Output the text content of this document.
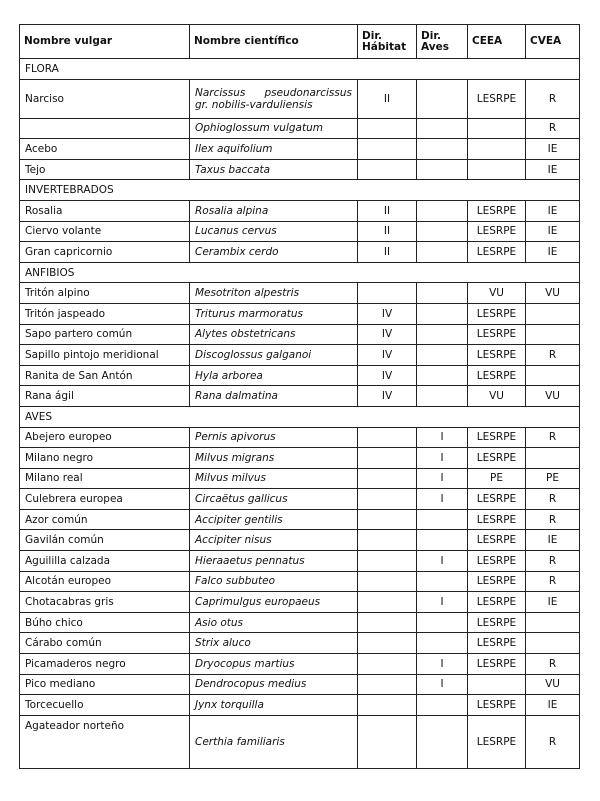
Nombre vulgar	Nombre científico	Dir. Hábitat	Dir. Aves	CEEA	CVEA
FLORA					
Narciso	Narcissus pseudonarcissus gr. nobilis-varduliensis	II		LESRPE	R
	Ophioglossum vulgatum				R
Acebo	Ilex aquifolium				IE
Tejo	Taxus baccata				IE
INVERTEBRADOS					
Rosalia	Rosalia alpina	II		LESRPE	IE
Ciervo volante	Lucanus cervus	II		LESRPE	IE
Gran capricornio	Cerambix cerdo	II		LESRPE	IE
ANFIBIOS					
Tritón alpino	Mesotriton alpestris			VU	VU
Tritón jaspeado	Triturus marmoratus	IV		LESRPE	
Sapo partero común	Alytes obstetricans	IV		LESRPE	
Sapillo pintojo meridional	Discoglossus galganoi	IV		LESRPE	R
Ranita de San Antón	Hyla arborea	IV		LESRPE	
Rana ágil	Rana dalmatina	IV		VU	VU
AVES					
Abejero europeo	Pernis apivorus		I	LESRPE	R
Milano negro	Milvus migrans		I	LESRPE	
Milano real	Milvus milvus		I	PE	PE
Culebrera europea	Circaëtus gallicus		I	LESRPE	R
Azor común	Accipiter gentilis			LESRPE	R
Gavilán común	Accipiter nisus			LESRPE	IE
Aguililla calzada	Hieraaetus pennatus		I	LESRPE	R
Alcotán europeo	Falco subbuteo			LESRPE	R
Chotacabras gris	Caprimulgus europaeus		I	LESRPE	IE
Búho chico	Asio otus			LESRPE	
Cárabo común	Strix aluco			LESRPE	
Picamaderos negro	Dryocopus martius		I	LESRPE	R
Pico mediano	Dendrocopus medius		I		VU
Torcecuello	Jynx torquilla			LESRPE	IE
Agateador norteño	Certhia familiaris			LESRPE	R
